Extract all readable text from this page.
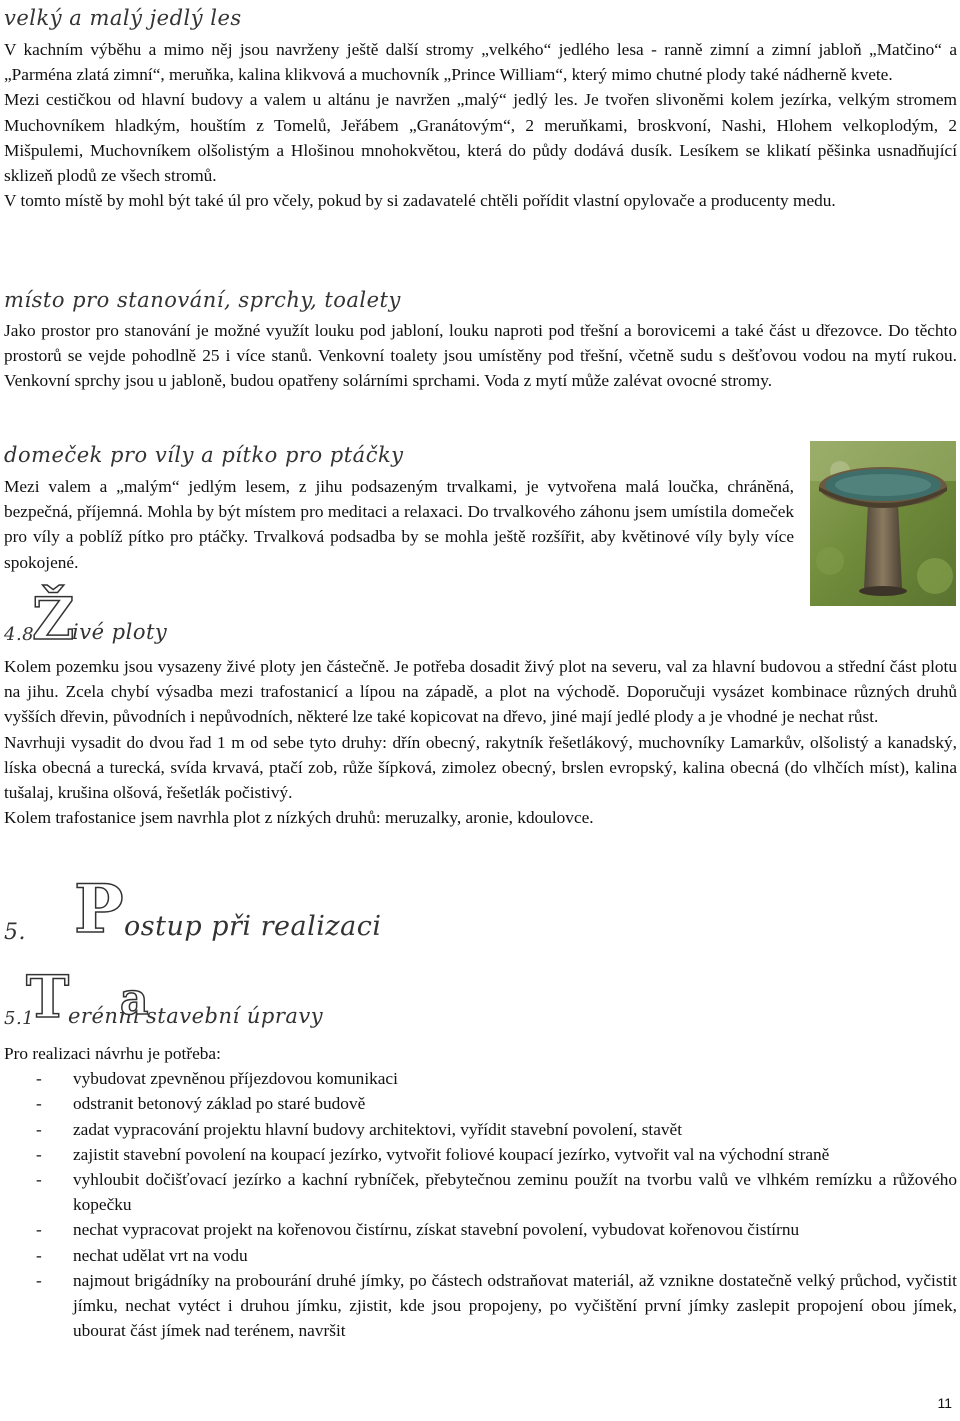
velký a malý jedlý les

V kachním výběhu a mimo něj jsou navrženy ještě další stromy „velkého“ jedlého lesa - ranně zimní a zimní jabloň „Matčino“ a „Parména zlatá zimní“, meruňka, kalina klikvová a muchovník „Prince William“, který mimo chutné plody také nádherně kvete.

Mezi cestičkou od hlavní budovy a valem u altánu je navržen „malý“ jedlý les. Je tvořen slivoněmi kolem jezírka, velkým stromem Muchovníkem hladkým, houštím z Tomelů, Jeřábem „Granátovým“, 2 meruňkami, broskvoní, Nashi, Hlohem velkoplodým, 2 Mišpulemi, Muchovníkem olšolistým a Hlošinou mnohokvětou, která do půdy dodává dusík. Lesíkem se klikatí pěšinka usnadňující sklizeň plodů ze všech stromů.

V tomto místě by mohl být také úl pro včely, pokud by si zadavatelé chtěli pořídit vlastní opylovače a producenty medu.

místo pro stanování, sprchy, toalety
Jako prostor pro stanování je možné využít louku pod jabloní, louku naproti pod třešní a borovicemi a také část u dřezovce. Do těchto prostorů se vejde pohodlně 25 i více stanů. Venkovní toalety jsou umístěny pod třešní, včetně sudu s dešťovou vodou na mytí rukou. Venkovní sprchy jsou u jabloně, budou opatřeny solárními sprchami. Voda z mytí může zalévat ovocné stromy.
domeček pro víly a pítko pro ptáčky
Mezi valem a „malým“ jedlým lesem, z jihu podsazeným trvalkami, je vytvořena malá loučka, chráněná, bezpečná, příjemná. Mohla by být místem pro meditaci a relaxaci. Do trvalkového záhonu jsem umístila domeček pro víly a poblíž pítko pro ptáčky. Trvalková podsadba by se mohla ještě rozšířit, aby květinové víly byly více spokojené.
4.8
Ž
ivé ploty

Kolem pozemku jsou vysazeny živé ploty jen částečně. Je potřeba dosadit živý plot na severu, val za hlavní budovou a střední část plotu na jihu. Zcela chybí výsadba mezi trafostanicí a lípou na západě, a plot na východě. Doporučuji vysázet kombinace různých druhů vyšších dřevin, původních i nepůvodních, některé lze také kopicovat na dřevo, jiné mají jedlé plody a je vhodné je nechat růst.

Navrhuji vysadit do dvou řad 1 m od sebe tyto druhy: dřín obecný, rakytník řešetlákový, muchovníky Lamarkův, olšolistý a kanadský, líska obecná a turecká, svída krvavá, ptačí zob, růže šípková, zimolez obecný, brslen evropský, kalina obecná (do vlhčích míst), kalina tušalaj, krušina olšová, řešetlák počistivý.

Kolem trafostanice jsem navrhla plot z nízkých druhů: meruzalky, aronie, kdoulovce.

5. P ostup při realizaci
5.1
T
erénní
a
stavební úpravy

Pro realizaci návrhu je potřeba:

- vybudovat zpevněnou příjezdovou komunikaci
- odstranit betonový základ po staré budově
- zadat vypracování projektu hlavní budovy architektovi, vyřídit stavební povolení, stavět
- zajistit stavební povolení na koupací jezírko, vytvořit foliové koupací jezírko, vytvořit val na východní straně
- vyhloubit dočišťovací jezírko a kachní rybníček, přebytečnou zeminu použít na tvorbu valů ve vlhkém remízku a růžového kopečku
- nechat vypracovat projekt na kořenovou čistírnu, získat stavební povolení, vybudovat kořenovou čistírnu
- nechat udělat vrt na vodu
- najmout brigádníky na probourání druhé jímky, po částech odstraňovat materiál, až vznikne dostatečně velký průchod, vyčistit jímku, nechat vytéct i druhou jímku, zjistit, kde jsou propojeny, po vyčištění první jímky zaslepit propojení obou jímek, ubourat část jímek nad terénem, navršit
11
